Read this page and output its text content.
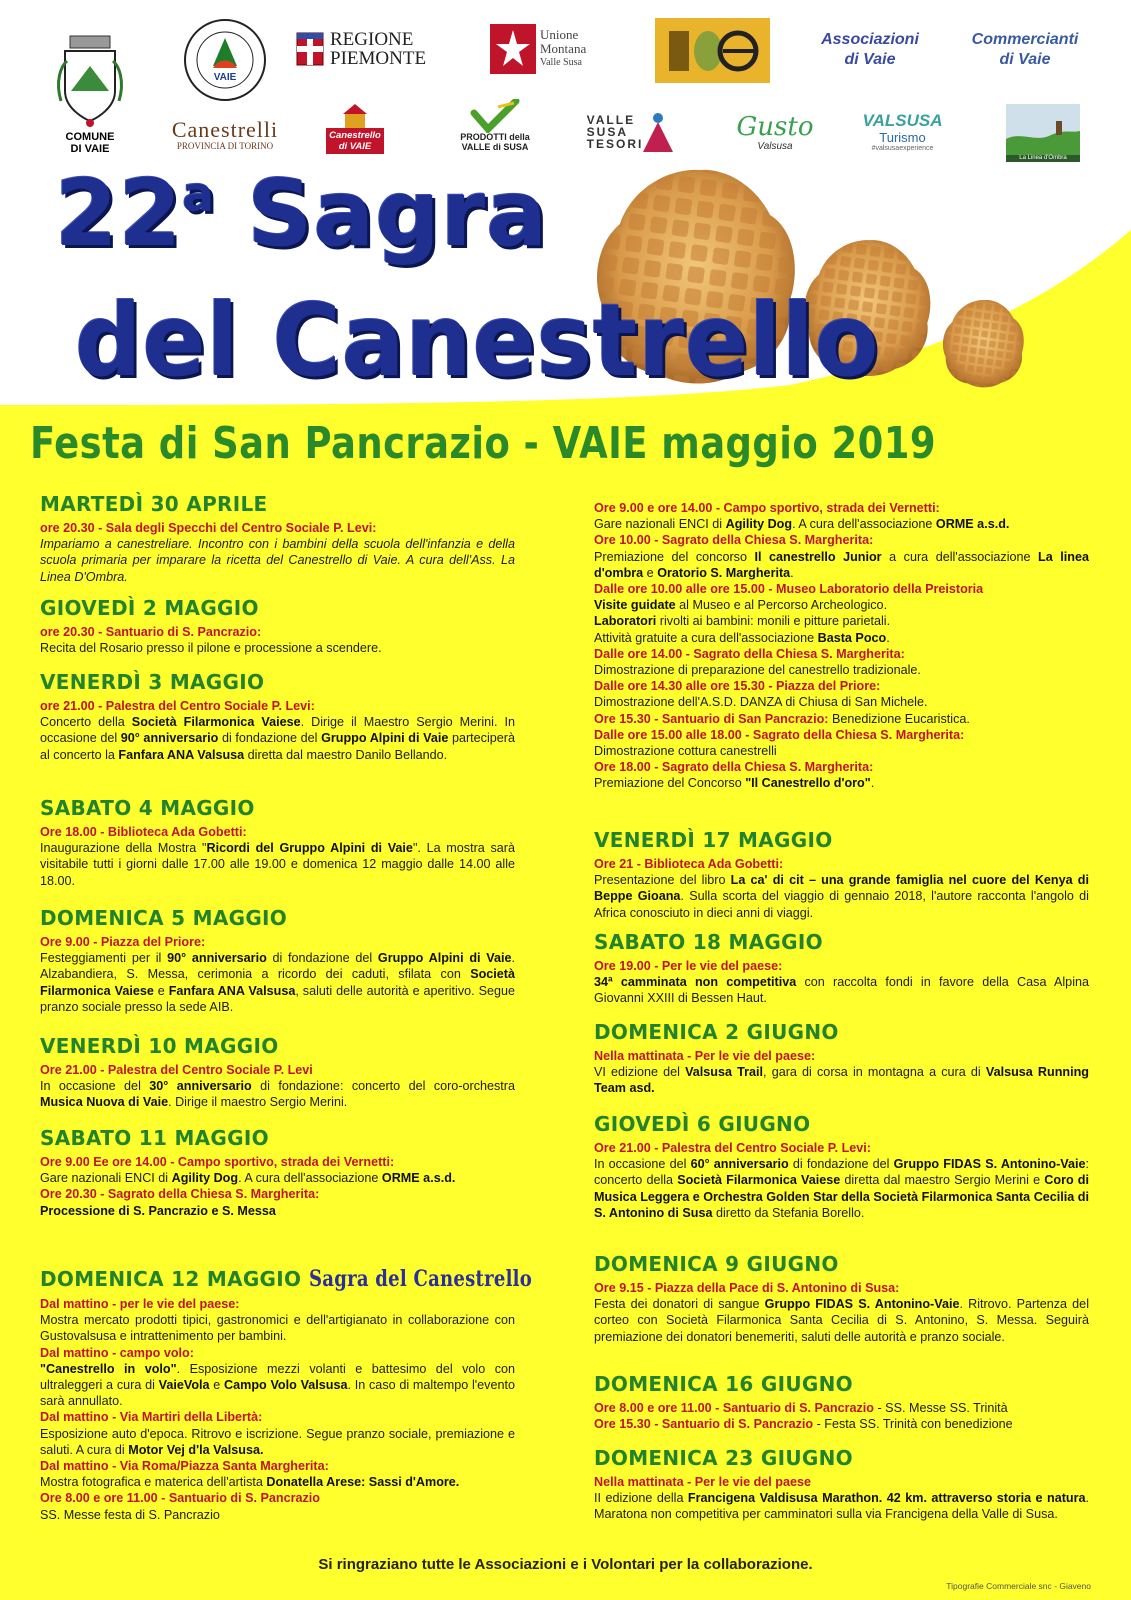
COMUNE
DI VAIE
VAIE
REGIONE
PIEMONTE
Unione
Montana
Valle Susa
Associazioni
di Vaie
Commercianti
di Vaie
Canestrelli
PROVINCIA DI TORINO
Canestrello
di VAIE
PRODOTTI della
VALLE di SUSA
VALLE
SUSA
TESORI
Gusto
Valsusa
VALSUSA
Turismo
#valsusaexperience
La Linea d'Ombra
22$^a$ Sagra
del Canestrello
Festa di San Pancrazio - VAIE maggio 2019
MARTEDÌ 30 APRILE
ore 20.30 - Sala degli Specchi del Centro Sociale P. Levi:
Impariamo a canestreliare. Incontro con i bambini della scuola dell'infanzia e della scuola primaria per imparare la ricetta del Canestrello di Vaie. A cura dell'Ass. La Linea D'Ombra.
GIOVEDÌ 2 MAGGIO
ore 20.30 - Santuario di S. Pancrazio:
Recita del Rosario presso il pilone e processione a scendere.
VENERDÌ 3 MAGGIO
ore 21.00 - Palestra del Centro Sociale P. Levi:
Concerto della Società Filarmonica Vaiese. Dirige il Maestro Sergio Merini. In occasione del 90° anniversario di fondazione del Gruppo Alpini di Vaie parteciperà al concerto la Fanfara ANA Valsusa diretta dal maestro Danilo Bellando.
SABATO 4 MAGGIO
Ore 18.00 - Biblioteca Ada Gobetti:
Inaugurazione della Mostra "Ricordi del Gruppo Alpini di Vaie". La mostra sarà visitabile tutti i giorni dalle 17.00 alle 19.00 e domenica 12 maggio dalle 14.00 alle 18.00.
DOMENICA 5 MAGGIO
Ore 9.00 - Piazza del Priore:
Festeggiamenti per il 90° anniversario di fondazione del Gruppo Alpini di Vaie. Alzabandiera, S. Messa, cerimonia a ricordo dei caduti, sfilata con Società Filarmonica Vaiese e Fanfara ANA Valsusa, saluti delle autorità e aperitivo. Segue pranzo sociale presso la sede AIB.
VENERDÌ 10 MAGGIO
Ore 21.00 - Palestra del Centro Sociale P. Levi
In occasione del 30° anniversario di fondazione: concerto del coro-orchestra Musica Nuova di Vaie. Dirige il maestro Sergio Merini.
SABATO 11 MAGGIO
Ore 9.00 Ee ore 14.00 - Campo sportivo, strada dei Vernetti:
Gare nazionali ENCI di Agility Dog. A cura dell'associazione ORME a.s.d.
Ore 20.30 - Sagrato della Chiesa S. Margherita:
Processione di S. Pancrazio e S. Messa
DOMENICA 12 MAGGIO Sagra del Canestrello
Dal mattino - per le vie del paese:
Mostra mercato prodotti tipici, gastronomici e dell'artigianato in collaborazione con Gustovalsusa e intrattenimento per bambini.
Dal mattino - campo volo:
"Canestrello in volo". Esposizione mezzi volanti e battesimo del volo con ultraleggeri a cura di VaieVola e Campo Volo Valsusa. In caso di maltempo l'evento sarà annullato.
Dal mattino - Via Martiri della Libertà:
Esposizione auto d'epoca. Ritrovo e iscrizione. Segue pranzo sociale, premiazione e saluti. A cura di Motor Vej d'la Valsusa.
Dal mattino - Via Roma/Piazza Santa Margherita:
Mostra fotografica e materica dell'artista Donatella Arese: Sassi d'Amore.
Ore 8.00 e ore 11.00 - Santuario di S. Pancrazio
SS. Messe festa di S. Pancrazio
Ore 9.00 e ore 14.00 - Campo sportivo, strada dei Vernetti:
Gare nazionali ENCI di Agility Dog. A cura dell'associazione ORME a.s.d.
Ore 10.00 - Sagrato della Chiesa S. Margherita:
Premiazione del concorso Il canestrello Junior a cura dell'associazione La linea d'ombra e Oratorio S. Margherita.
Dalle ore 10.00 alle ore 15.00 - Museo Laboratorio della Preistoria
Visite guidate al Museo e al Percorso Archeologico.
Laboratori rivolti ai bambini: monili e pitture parietali.
Attività gratuite a cura dell'associazione Basta Poco.
Dalle ore 14.00 - Sagrato della Chiesa S. Margherita:
Dimostrazione di preparazione del canestrello tradizionale.
Dalle ore 14.30 alle ore 15.30 - Piazza del Priore:
Dimostrazione dell'A.S.D. DANZA di Chiusa di San Michele.
Ore 15.30 - Santuario di San Pancrazio: Benedizione Eucaristica.
Dalle ore 15.00 alle 18.00 - Sagrato della Chiesa S. Margherita:
Dimostrazione cottura canestrelli
Ore 18.00 - Sagrato della Chiesa S. Margherita:
Premiazione del Concorso "Il Canestrello d'oro".
VENERDÌ 17 MAGGIO
Ore 21 - Biblioteca Ada Gobetti:
Presentazione del libro La ca' di cit – una grande famiglia nel cuore del Kenya di Beppe Gioana. Sulla scorta del viaggio di gennaio 2018, l'autore racconta l'angolo di Africa conosciuto in dieci anni di viaggi.
SABATO 18 MAGGIO
Ore 19.00 - Per le vie del paese:
34ª camminata non competitiva con raccolta fondi in favore della Casa Alpina Giovanni XXIII di Bessen Haut.
DOMENICA 2 GIUGNO
Nella mattinata - Per le vie del paese:
VI edizione del Valsusa Trail, gara di corsa in montagna a cura di Valsusa Running Team asd.
GIOVEDÌ 6 GIUGNO
Ore 21.00 - Palestra del Centro Sociale P. Levi:
In occasione del 60° anniversario di fondazione del Gruppo FIDAS S. Antonino-Vaie: concerto della Società Filarmonica Vaiese diretta dal maestro Sergio Merini e Coro di Musica Leggera e Orchestra Golden Star della Società Filarmonica Santa Cecilia di S. Antonino di Susa diretto da Stefania Borello.
DOMENICA 9 GIUGNO
Ore 9.15 - Piazza della Pace di S. Antonino di Susa:
Festa dei donatori di sangue Gruppo FIDAS S. Antonino-Vaie. Ritrovo. Partenza del corteo con Società Filarmonica Santa Cecilia di S. Antonino, S. Messa. Seguirà premiazione dei donatori benemeriti, saluti delle autorità e pranzo sociale.
DOMENICA 16 GIUGNO
Ore 8.00 e ore 11.00 - Santuario di S. Pancrazio - SS. Messe SS. Trinità
Ore 15.30 - Santuario di S. Pancrazio - Festa SS. Trinità con benedizione
DOMENICA 23 GIUGNO
Nella mattinata - Per le vie del paese
II edizione della Francigena Valdisusa Marathon. 42 km. attraverso storia e natura. Maratona non competitiva per camminatori sulla via Francigena della Valle di Susa.
Si ringraziano tutte le Associazioni e i Volontari per la collaborazione.
Tipografie Commerciale snc - Giaveno
